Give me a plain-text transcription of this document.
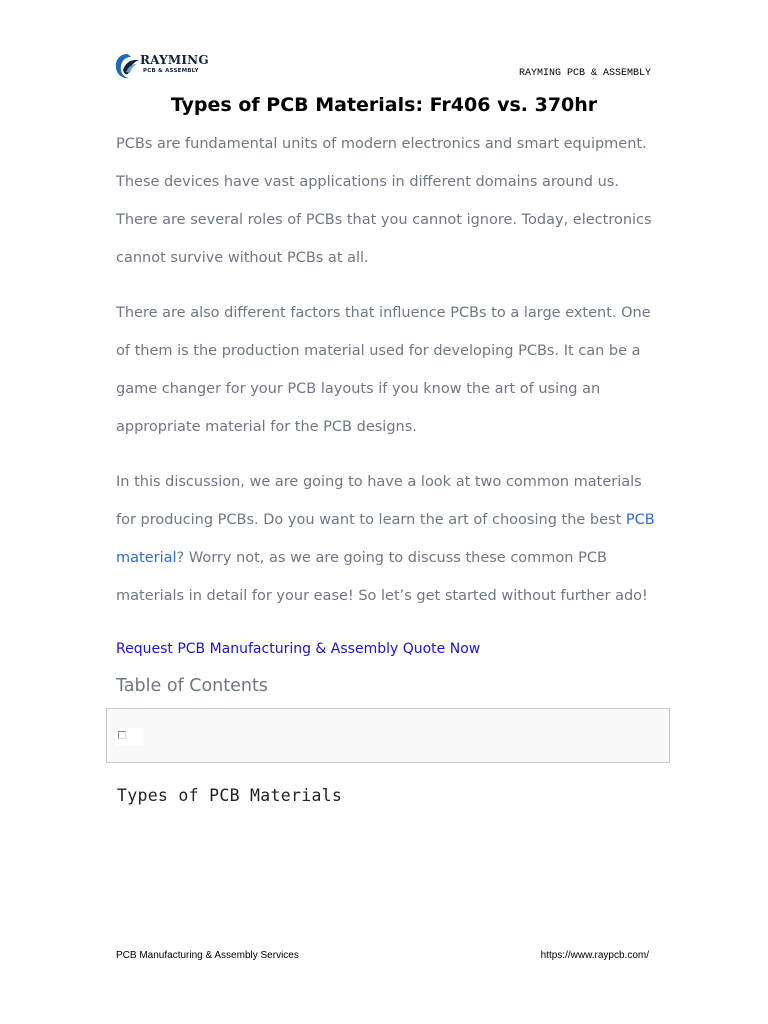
RAYMING
PCB & ASSEMBLY	RAYMING PCB & ASSEMBLY
Types of PCB Materials: Fr406 vs. 370hr

PCBs are fundamental units of modern electronics and smart equipment. These devices have vast applications in different domains around us. There are several roles of PCBs that you cannot ignore. Today, electronics cannot survive without PCBs at all.

There are also different factors that influence PCBs to a large extent. One of them is the production material used for developing PCBs. It can be a game changer for your PCB layouts if you know the art of using an appropriate material for the PCB designs.

In this discussion, we are going to have a look at two common materials for producing PCBs. Do you want to learn the art of choosing the best PCB material? Worry not, as we are going to discuss these common PCB materials in detail for your ease! So let’s get started without further ado!

Request PCB Manufacturing & Assembly Quote Now
Table of Contents
Types of PCB Materials
PCB Manufacturing & Assembly Services	https://www.raypcb.com/
